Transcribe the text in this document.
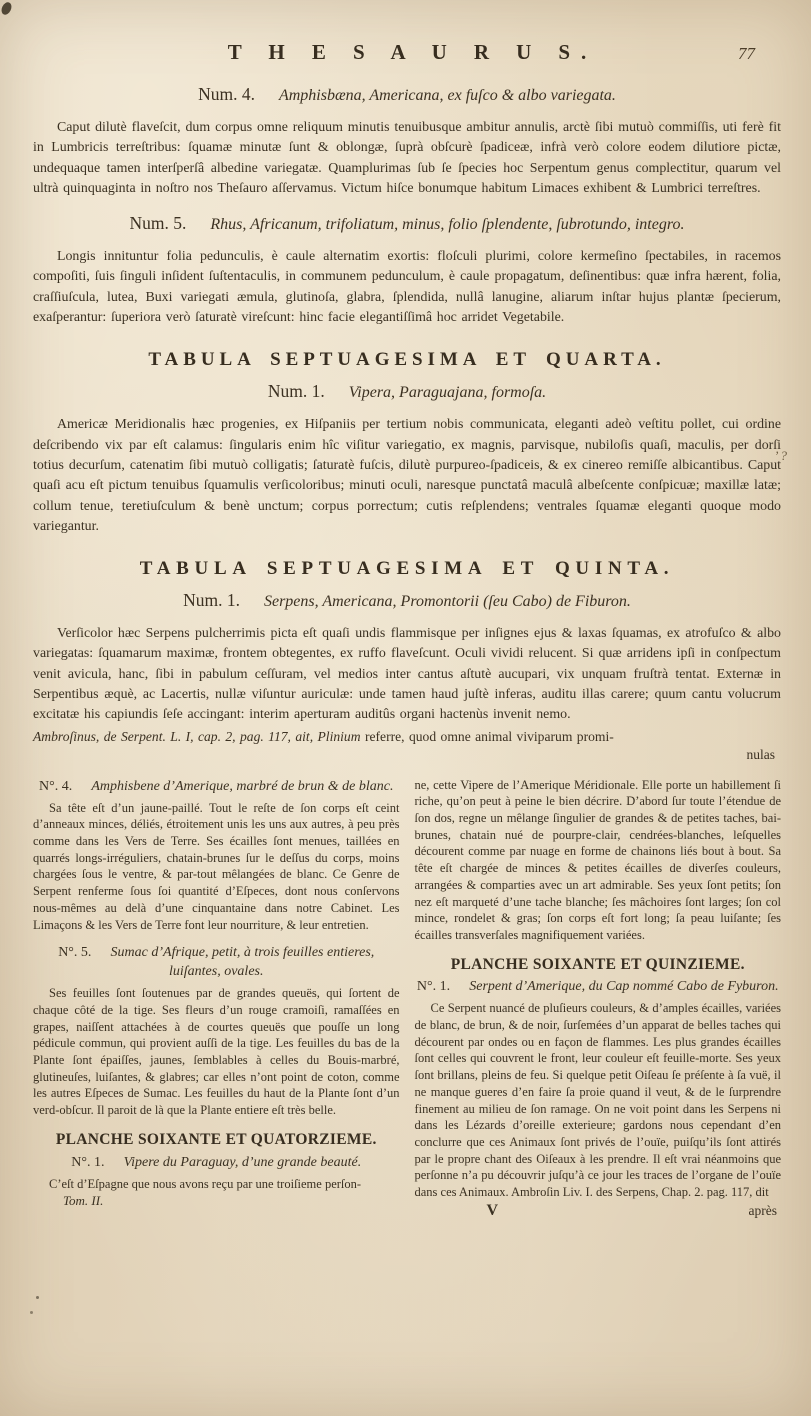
’?
T H E S A U R U S.	77
Num. 4. Amphisbæna, Americana, ex fuſco & albo variegata.

Caput dilutè flaveſcit, dum corpus omne reliquum minutis tenuibusque ambitur annulis, arctè ſibi mutuò commiſſis, uti ferè fit in Lumbricis terreſtribus: ſquamæ minutæ ſunt & oblongæ, ſuprà obſcurè ſpadiceæ, infrà verò colore eodem dilutiore pictæ, undequaque tamen interſperſâ albedine variegatæ. Quamplurimas ſub ſe ſpecies hoc Serpentum genus complectitur, quarum vel ultrà quinquaginta in noſtro nos Theſauro aſſervamus. Victum hiſce bonumque habitum Limaces exhibent & Lumbrici terreſtres.

Num. 5. Rhus, Africanum, trifoliatum, minus, folio ſplendente, ſubrotundo, integro.

Longis innituntur folia pedunculis, è caule alternatim exortis: floſculi plurimi, colore kermeſino ſpectabiles, in racemos compoſiti, ſuis ſinguli inſident ſuſtentaculis, in communem pedunculum, è caule propagatum, deſinentibus: quæ infra hærent, folia, craſſiuſcula, lutea, Buxi variegati æmula, glutinoſa, glabra, ſplendida, nullâ lanugine, aliarum inſtar hujus plantæ ſpecierum, exaſperantur: ſuperiora verò ſaturatè vireſcunt: hinc facie elegantiſſimâ hoc arridet Vegetabile.

TABULA SEPTUAGESIMA ET QUARTA.
Num. 1. Vipera, Paraguajana, formoſa.

Americæ Meridionalis hæc progenies, ex Hiſpaniis per tertium nobis communicata, eleganti adeò veſtitu pollet, cui ordine deſcribendo vix par eſt calamus: ſingularis enim hîc viſitur variegatio, ex magnis, parvisque, nubiloſis quaſi, maculis, per dorſi totius decurſum, catenatim ſibi mutuò colligatis; ſaturatè fuſcis, dilutè purpureo-ſpadiceis, & ex cinereo remiſſe albicantibus. Caput quaſi acu eſt pictum tenuibus ſquamulis verſicoloribus; minuti oculi, naresque punctatâ maculâ albeſcente conſpicuæ; maxillæ latæ; collum tenue, teretiuſculum & benè unctum; corpus porrectum; cutis reſplendens; ventrales ſquamæ eleganti quoque modo variegantur.

TABULA SEPTUAGESIMA ET QUINTA.
Num. 1. Serpens, Americana, Promontorii (ſeu Cabo) de Fiburon.

Verſicolor hæc Serpens pulcherrimis picta eſt quaſi undis flammisque per inſignes ejus & laxas ſquamas, ex atrofuſco & albo variegatas: ſquamarum maximæ, frontem obtegentes, ex ruffo flaveſcunt. Oculi vividi relucent. Si quæ arridens ipſi in conſpectum venit avicula, hanc, ſibi in pabulum ceſſuram, vel medios inter cantus aſtutè aucupari, vix unquam fruſtrà tentat. Externæ in Serpentibus æquè, ac Lacertis, nullæ viſuntur auriculæ: unde tamen haud juſtè inferas, auditu illas carere; quum cantu volucrum excitatæ his capiundis ſeſe accingant: interim aperturam auditûs organi hactenùs invenit nemo.

Ambroſinus, de Serpent. L. I, cap. 2, pag. 117, ait, Plinium referre, quod omne animal viviparum promi-
nulas
N°. 4. Amphisbene d’Amerique, marbré de brun & de blanc.
Sa tête eſt d’un jaune-paillé. Tout le reſte de ſon corps eſt ceint d’anneaux minces, déliés, étroitement unis les uns aux autres, à peu près comme dans les Vers de Terre. Ses écailles ſont menues, taillées en quarrés longs-irréguliers, chatain-brunes ſur le deſſus du corps, moins chargées ſous le ventre, & par-tout mêlangées de blanc. Ce Genre de Serpent renferme ſous ſoi quantité d’Eſpeces, dont nous conſervons nous-mêmes au delà d’une cinquantaine dans notre Cabinet. Les Limaçons & les Vers de Terre font leur nourriture, & leur entretien.
N°. 5. Sumac d’Afrique, petit, à trois feuilles entieres, luiſantes, ovales.
Ses feuilles ſont ſoutenues par de grandes queuës, qui ſortent de chaque côté de la tige. Ses fleurs d’un rouge cramoiſi, ramaſſées en grapes, naiſſent attachées à de courtes queuës que pouſſe un long pédicule commun, qui provient auſſi de la tige. Les feuilles du bas de la Plante ſont épaiſſes, jaunes, ſemblables à celles du Bouis-marbré, glutineuſes, luiſantes, & glabres; car elles n’ont point de coton, comme les autres Eſpeces de Sumac. Les feuilles du haut de la Plante ſont d’un verd-obſcur. Il paroit de là que la Plante entiere eſt très belle.
PLANCHE SOIXANTE ET QUATORZIEME.
N°. 1. Vipere du Paraguay, d’une grande beauté.
C’eſt d’Eſpagne que nous avons reçu par une troiſieme perſon-
Tom. II.
ne, cette Vipere de l’Amerique Méridionale. Elle porte un habillement ſi riche, qu’on peut à peine le bien décrire. D’abord ſur toute l’étendue de ſon dos, regne un mêlange ſingulier de grandes & de petites taches, bai-brunes, chatain nué de pourpre-clair, cendrées-blanches, leſquelles décourent comme par nuage en forme de chainons liés bout à bout. Sa tête eſt chargée de minces & petites écailles de diverſes couleurs, arrangées & comparties avec un art admirable. Ses yeux ſont petits; ſon nez eſt marqueté d’une tache blanche; ſes mâchoires ſont larges; ſon col mince, rondelet & gras; ſon corps eſt fort long; ſa peau luiſante; ſes écailles transverſales magnifiquement variées.
PLANCHE SOIXANTE ET QUINZIEME.
N°. 1. Serpent d’Amerique, du Cap nommé Cabo de Fyburon.
Ce Serpent nuancé de pluſieurs couleurs, & d’amples écailles, variées de blanc, de brun, & de noir, ſurſemées d’un apparat de belles taches qui décourent par ondes ou en façon de flammes. Les plus grandes écailles ſont celles qui couvrent le front, leur couleur eſt feuille-morte. Ses yeux ſont brillans, pleins de feu. Si quelque petit Oiſeau ſe préſente à ſa vuë, il ne manque gueres d’en faire ſa proie quand il veut, & de le ſurprendre finement au milieu de ſon ramage. On ne voit point dans les Serpens ni dans les Lézards d’oreille exterieure; gardons nous cependant d’en conclurre que ces Animaux ſont privés de l’ouïe, puiſqu’ils ſont attirés par le propre chant des Oiſeaux à les prendre. Il eſt vrai néanmoins que perſonne n’a pu découvrir juſqu’à ce jour les traces de l’organe de l’ouïe dans ces Animaux. Ambroſin Liv. I. des Serpens, Chap. 2. pag. 117, dit
V	après
